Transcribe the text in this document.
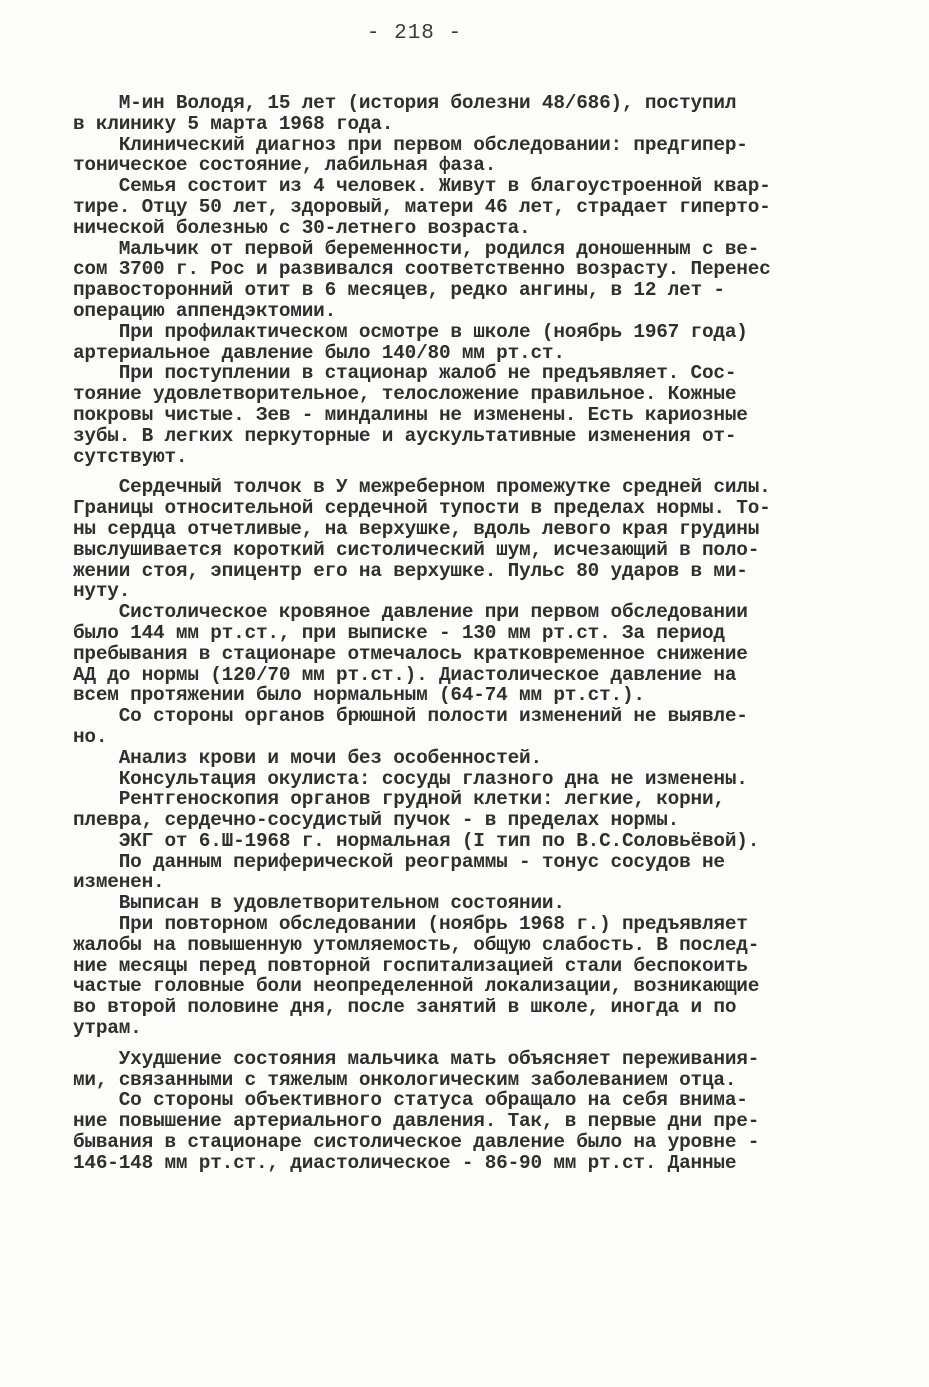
- 218 -
М-ин Володя, 15 лет (история болезни 48/686), поступил
в клинику 5 марта 1968 года.
Клинический диагноз при первом обследовании: предгипер-
тоническое состояние, лабильная фаза.
Семья состоит из 4 человек. Живут в благоустроенной квар-
тире. Отцу 50 лет, здоровый, матери 46 лет, страдает гиперто-
нической болезнью с 30-летнего возраста.
Мальчик от первой беременности, родился доношенным с ве-
сом 3700 г. Рос и развивался соответственно возрасту. Перенес
правосторонний отит в 6 месяцев, редко ангины, в 12 лет -
операцию аппендэктомии.
При профилактическом осмотре в школе (ноябрь 1967 года)
артериальное давление было 140/80 мм рт.ст.
При поступлении в стационар жалоб не предъявляет. Сос-
тояние удовлетворительное, телосложение правильное. Кожные
покровы чистые. Зев - миндалины не изменены. Есть кариозные
зубы. В легких перкуторные и аускультативные изменения от-
сутствуют.
Сердечный толчок в У межреберном промежутке средней силы.
Границы относительной сердечной тупости в пределах нормы. То-
ны сердца отчетливые, на верхушке, вдоль левого края грудины
выслушивается короткий систолический шум, исчезающий в поло-
жении стоя, эпицентр его на верхушке. Пульс 80 ударов в ми-
нуту.
Систолическое кровяное давление при первом обследовании
было 144 мм рт.ст., при выписке - 130 мм рт.ст. За период
пребывания в стационаре отмечалось кратковременное снижение
АД до нормы (120/70 мм рт.ст.). Диастолическое давление на
всем протяжении было нормальным (64-74 мм рт.ст.).
Со стороны органов брюшной полости изменений не выявле-
но.
Анализ крови и мочи без особенностей.
Консультация окулиста: сосуды глазного дна не изменены.
Рентгеноскопия органов грудной клетки: легкие, корни,
плевра, сердечно-сосудистый пучок - в пределах нормы.
ЭКГ от 6.Ш-1968 г. нормальная (I тип по В.С.Соловьёвой).
По данным периферической реограммы - тонус сосудов не
изменен.
Выписан в удовлетворительном состоянии.
При повторном обследовании (ноябрь 1968 г.) предъявляет
жалобы на повышенную утомляемость, общую слабость. В послед-
ние месяцы перед повторной госпитализацией стали беспокоить
частые головные боли неопределенной локализации, возникающие
во второй половине дня, после занятий в школе, иногда и по
утрам.
Ухудшение состояния мальчика мать объясняет переживания-
ми, связанными с тяжелым онкологическим заболеванием отца.
Со стороны объективного статуса обращало на себя внима-
ние повышение артериального давления. Так, в первые дни пре-
бывания в стационаре систолическое давление было на уровне -
146-148 мм рт.ст., диастолическое - 86-90 мм рт.ст. Данные
